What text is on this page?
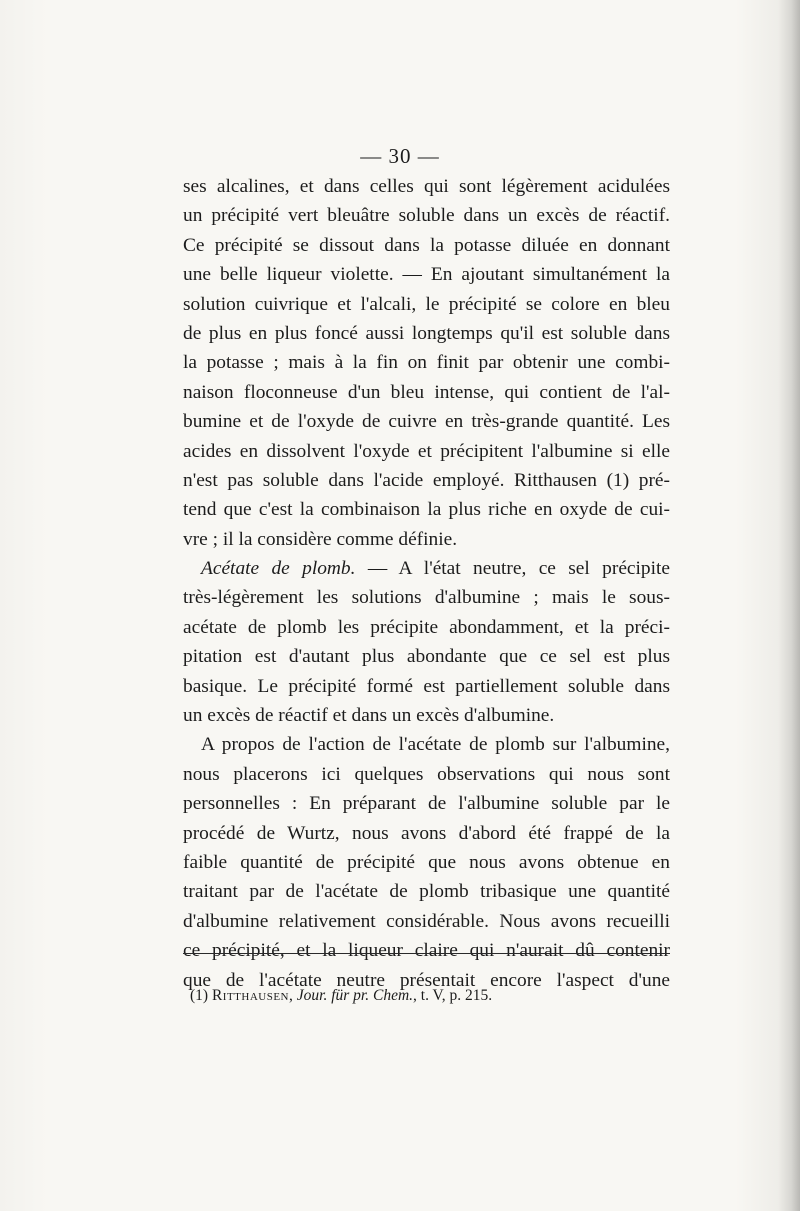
— 30 —
ses alcalines, et dans celles qui sont légèrement acidulées
un précipité vert bleuâtre soluble dans un excès de réactif.
Ce précipité se dissout dans la potasse diluée en donnant
une belle liqueur violette. — En ajoutant simultanément la
solution cuivrique et l'alcali, le précipité se colore en bleu
de plus en plus foncé aussi longtemps qu'il est soluble dans
la potasse ; mais à la fin on finit par obtenir une combi-
naison floconneuse d'un bleu intense, qui contient de l'al-
bumine et de l'oxyde de cuivre en très-grande quantité. Les
acides en dissolvent l'oxyde et précipitent l'albumine si elle
n'est pas soluble dans l'acide employé. Ritthausen (1) pré-
tend que c'est la combinaison la plus riche en oxyde de cui-
vre ; il la considère comme définie.
Acétate de plomb. — A l'état neutre, ce sel précipite
très-légèrement les solutions d'albumine ; mais le sous-
acétate de plomb les précipite abondamment, et la préci-
pitation est d'autant plus abondante que ce sel est plus
basique. Le précipité formé est partiellement soluble dans
un excès de réactif et dans un excès d'albumine.
A propos de l'action de l'acétate de plomb sur l'albumine,
nous placerons ici quelques observations qui nous sont
personnelles : En préparant de l'albumine soluble par le
procédé de Wurtz, nous avons d'abord été frappé de la
faible quantité de précipité que nous avons obtenue en
traitant par de l'acétate de plomb tribasique une quantité
d'albumine relativement considérable. Nous avons recueilli
ce précipité, et la liqueur claire qui n'aurait dû contenir
que de l'acétate neutre présentait encore l'aspect d'une
(1) Ritthausen, Jour. für pr. Chem., t. V, p. 215.
